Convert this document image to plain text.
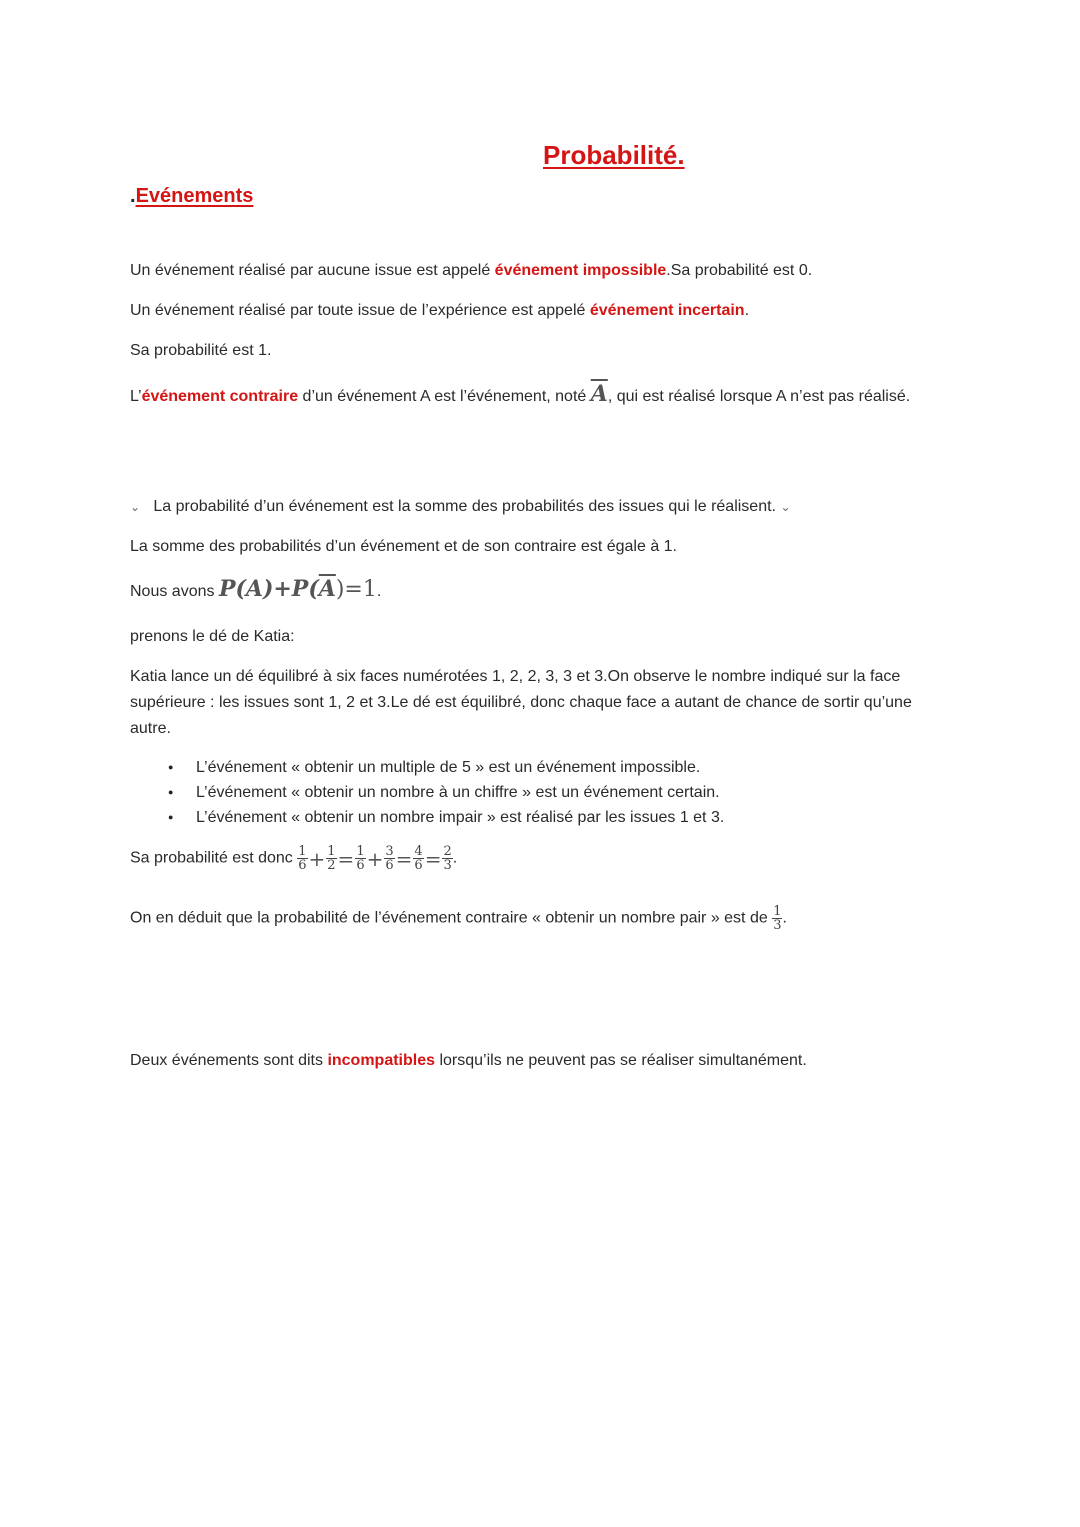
Probabilité.
.Evénements
Un événement réalisé par aucune issue est appelé événement impossible.Sa probabilité est 0.
Un événement réalisé par toute issue de l’expérience est appelé événement incertain.
Sa probabilité est 1.
L’événement contraire d’un événement A est l’événement, noté $\overline{A}$, qui est réalisé lorsque A n’est pas réalisé.
⌄ La probabilité d’un événement est la somme des probabilités des issues qui le réalisent. ⌄
La somme des probabilités d’un événement et de son contraire est égale à 1.
Nous avons $P(A)+P(\overline{A})=1$.
prenons le dé de Katia:
Katia lance un dé équilibré à six faces numérotées 1, 2, 2, 3, 3 et 3.On observe le nombre indiqué sur la face supérieure : les issues sont 1, 2 et 3.Le dé est équilibré, donc chaque face a autant de chance de sortir qu’une autre.
● L’événement « obtenir un multiple de 5 » est un événement impossible.
● L’événement « obtenir un nombre à un chiffre » est un événement certain.
● L’événement « obtenir un nombre impair » est réalisé par les issues 1 et 3.
Sa probabilité est donc $\frac{1}{6} + \frac{1}{2} = \frac{1}{6} + \frac{3}{6} = \frac{4}{6} = \frac{2}{3}$ .
On en déduit que la probabilité de l’événement contraire « obtenir un nombre pair » est de $\frac{1}{3}$ .
Deux événements sont dits incompatibles lorsqu’ils ne peuvent pas se réaliser simultanément.
